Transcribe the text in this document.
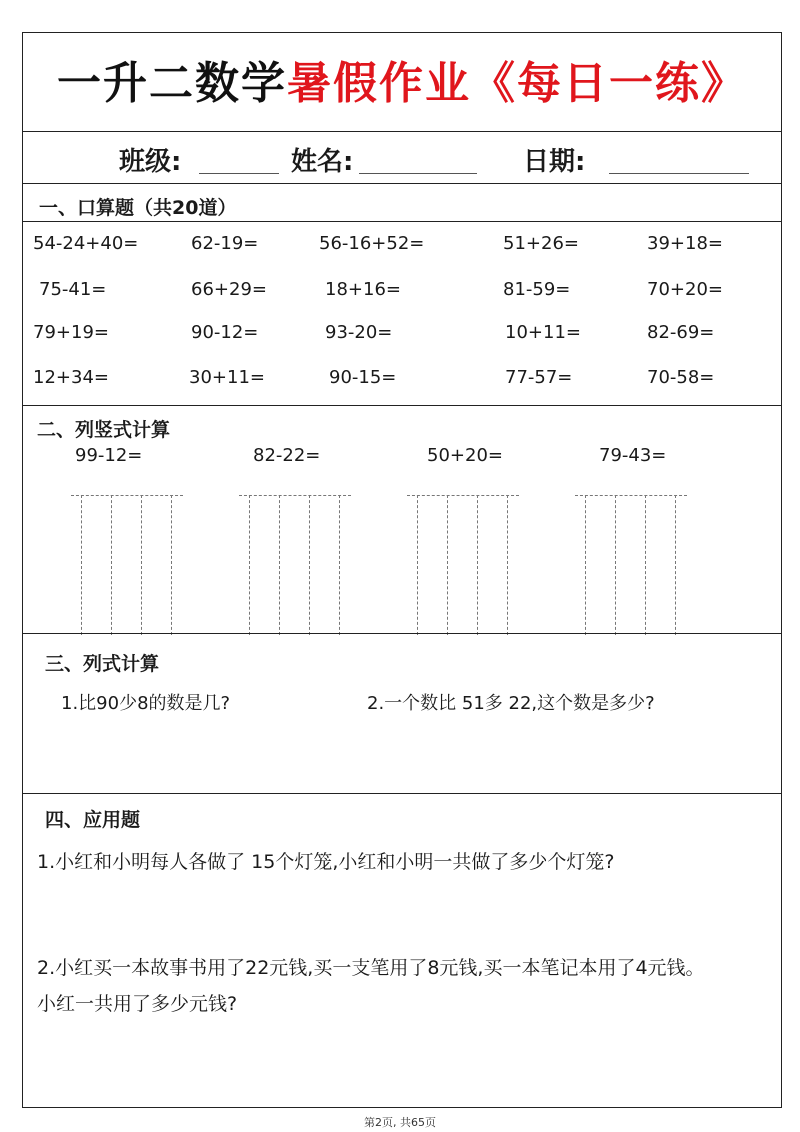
一升二数学暑假作业《每日一练》
班级:	姓名:	日期:
一、口算题（共20道）
54-24+40=	62-19=	56-16+52=	51+26=	39+18=
75-41=	66+29=	18+16=	81-59=	70+20=
79+19=	90-12=	93-20=	10+11=	82-69=
12+34=	30+11=	90-15=	77-57=	70-58=
二、列竖式计算
99-12=	82-22=	50+20=	79-43=
三、列式计算
1.比90少8的数是几?	2.一个数比 51多 22,这个数是多少?
四、应用题
1.小红和小明每人各做了 15个灯笼,小红和小明一共做了多少个灯笼?
2.小红买一本故事书用了22元钱,买一支笔用了8元钱,买一本笔记本用了4元钱。
小红一共用了多少元钱?
第2页, 共65页
